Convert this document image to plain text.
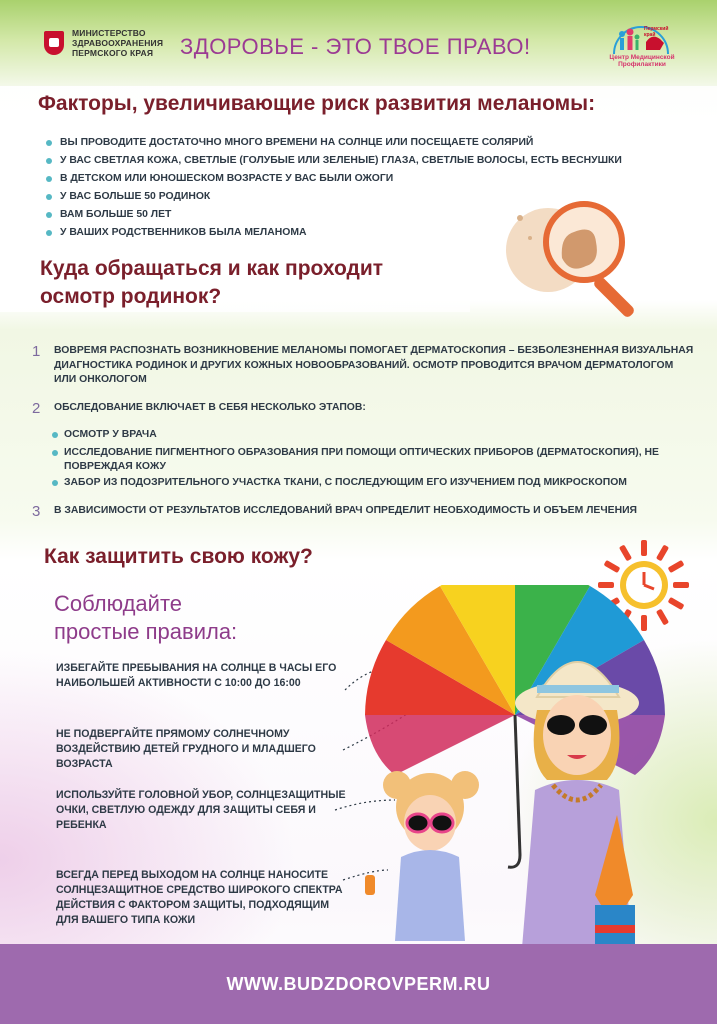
МИНИСТЕРСТВО
ЗДРАВООХРАНЕНИЯ
ПЕРМСКОГО КРАЯ	ЗДОРОВЬЕ - ЭТО ТВОЕ ПРАВО!	Центр Медицинской
Профилактики
Пермский край
Факторы, увеличивающие риск развития меланомы:
ВЫ ПРОВОДИТЕ ДОСТАТОЧНО МНОГО ВРЕМЕНИ НА СОЛНЦЕ ИЛИ ПОСЕЩАЕТЕ СОЛЯРИЙ
У ВАС СВЕТЛАЯ КОЖА, СВЕТЛЫЕ (ГОЛУБЫЕ ИЛИ ЗЕЛЕНЫЕ) ГЛАЗА, СВЕТЛЫЕ ВОЛОСЫ, ЕСТЬ ВЕСНУШКИ
В ДЕТСКОМ ИЛИ ЮНОШЕСКОМ ВОЗРАСТЕ У ВАС БЫЛИ ОЖОГИ
У ВАС БОЛЬШЕ 50 РОДИНОК
ВАМ БОЛЬШЕ 50 ЛЕТ
У ВАШИХ РОДСТВЕННИКОВ БЫЛА МЕЛАНОМА
Куда обращаться и как проходит
осмотр родинок?
1 ВОВРЕМЯ РАСПОЗНАТЬ ВОЗНИКНОВЕНИЕ МЕЛАНОМЫ ПОМОГАЕТ ДЕРМАТОСКОПИЯ – БЕЗБОЛЕЗНЕННАЯ ВИЗУАЛЬНАЯ ДИАГНОСТИКА РОДИНОК И ДРУГИХ КОЖНЫХ НОВООБРАЗОВАНИЙ. ОСМОТР ПРОВОДИТСЯ ВРАЧОМ ДЕРМАТОЛОГОМ ИЛИ ОНКОЛОГОМ
2 ОБСЛЕДОВАНИЕ ВКЛЮЧАЕТ В СЕБЯ НЕСКОЛЬКО ЭТАПОВ:
ОСМОТР У ВРАЧА
ИССЛЕДОВАНИЕ ПИГМЕНТНОГО ОБРАЗОВАНИЯ ПРИ ПОМОЩИ ОПТИЧЕСКИХ ПРИБОРОВ (ДЕРМАТОСКОПИЯ), НЕ ПОВРЕЖДАЯ КОЖУ
ЗАБОР ИЗ ПОДОЗРИТЕЛЬНОГО УЧАСТКА ТКАНИ, С ПОСЛЕДУЮЩИМ ЕГО ИЗУЧЕНИЕМ ПОД МИКРОСКОПОМ
3 В ЗАВИСИМОСТИ ОТ РЕЗУЛЬТАТОВ ИССЛЕДОВАНИЙ ВРАЧ ОПРЕДЕЛИТ НЕОБХОДИМОСТЬ И ОБЪЕМ ЛЕЧЕНИЯ
Как защитить свою кожу?
Соблюдайте
простые правила:
ИЗБЕГАЙТЕ ПРЕБЫВАНИЯ НА СОЛНЦЕ В ЧАСЫ ЕГО НАИБОЛЬШЕЙ АКТИВНОСТИ С 10:00 ДО 16:00
НЕ ПОДВЕРГАЙТЕ ПРЯМОМУ СОЛНЕЧНОМУ ВОЗДЕЙСТВИЮ ДЕТЕЙ ГРУДНОГО И МЛАДШЕГО ВОЗРАСТА
ИСПОЛЬЗУЙТЕ ГОЛОВНОЙ УБОР, СОЛНЦЕЗАЩИТНЫЕ ОЧКИ, СВЕТЛУЮ ОДЕЖДУ ДЛЯ ЗАЩИТЫ СЕБЯ И РЕБЕНКА
ВСЕГДА ПЕРЕД ВЫХОДОМ НА СОЛНЦЕ НАНОСИТЕ СОЛНЦЕЗАЩИТНОЕ СРЕДСТВО ШИРОКОГО СПЕКТРА ДЕЙСТВИЯ С ФАКТОРОМ ЗАЩИТЫ, ПОДХОДЯЩИМ ДЛЯ ВАШЕГО ТИПА КОЖИ
WWW.BUDZDOROVPERM.RU
